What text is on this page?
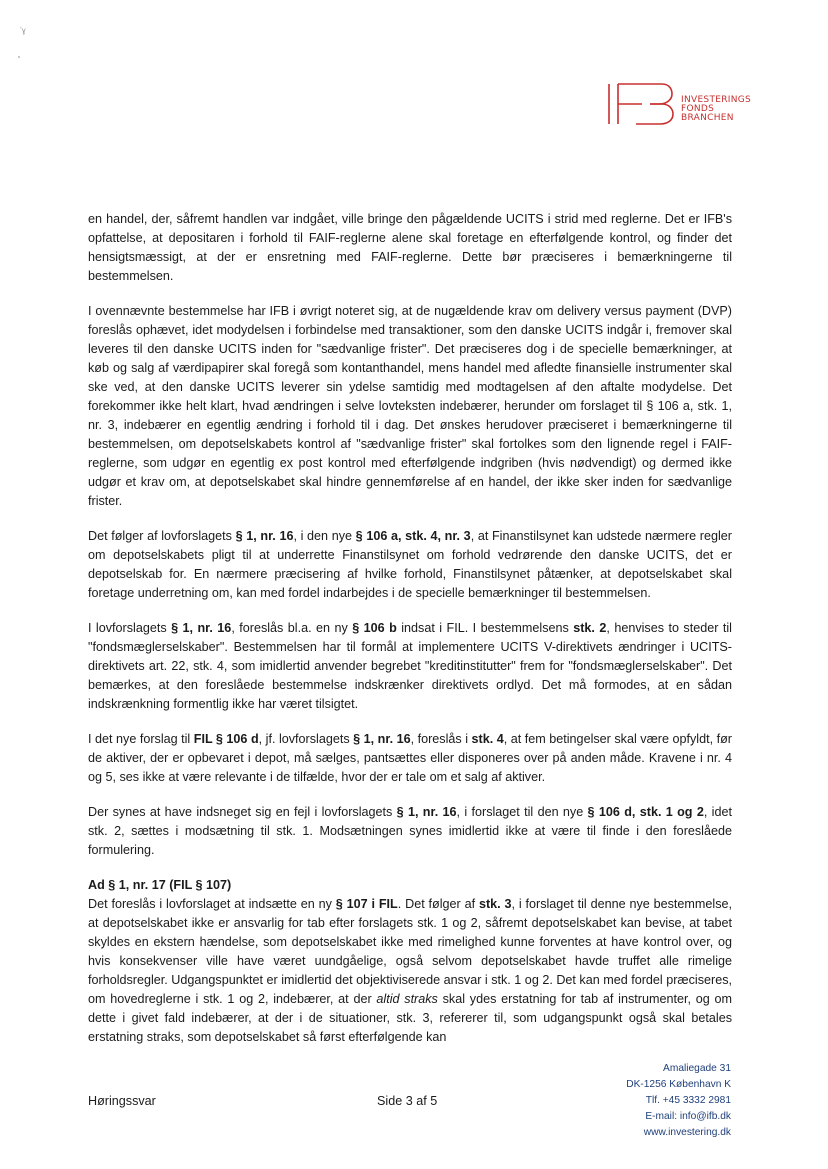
ʽɣ
INVESTERINGS
FONDS
BRANCHEN

en handel, der, såfremt handlen var indgået, ville bringe den pågældende UCITS i strid med reglerne. Det er IFB's opfattelse, at depositaren i forhold til FAIF-reglerne alene skal foretage en efterfølgende kontrol, og finder det hensigtsmæssigt, at der er ensretning med FAIF-reglerne. Dette bør præciseres i bemærkningerne til bestemmelsen.

I ovennævnte bestemmelse har IFB i øvrigt noteret sig, at de nugældende krav om delivery versus payment (DVP) foreslås ophævet, idet modydelsen i forbindelse med transaktioner, som den danske UCITS indgår i, fremover skal leveres til den danske UCITS inden for "sædvanlige frister". Det præciseres dog i de specielle bemærkninger, at køb og salg af værdipapirer skal foregå som kontanthandel, mens handel med afledte finansielle instrumenter skal ske ved, at den danske UCITS leverer sin ydelse samtidig med modtagelsen af den aftalte modydelse. Det forekommer ikke helt klart, hvad ændringen i selve lovteksten indebærer, herunder om forslaget til § 106 a, stk. 1, nr. 3, indebærer en egentlig ændring i forhold til i dag. Det ønskes herudover præciseret i bemærkningerne til bestemmelsen, om depotselskabets kontrol af "sædvanlige frister" skal fortolkes som den lignende regel i FAIF-reglerne, som udgør en egentlig ex post kontrol med efterfølgende indgriben (hvis nødvendigt) og dermed ikke udgør et krav om, at depotselskabet skal hindre gennemførelse af en handel, der ikke sker inden for sædvanlige frister.

Det følger af lovforslagets § 1, nr. 16, i den nye § 106 a, stk. 4, nr. 3, at Finanstilsynet kan udstede nærmere regler om depotselskabets pligt til at underrette Finanstilsynet om forhold vedrørende den danske UCITS, det er depotselskab for. En nærmere præcisering af hvilke forhold, Finanstilsynet påtænker, at depotselskabet skal foretage underretning om, kan med fordel indarbejdes i de specielle bemærkninger til bestemmelsen.

I lovforslagets § 1, nr. 16, foreslås bl.a. en ny § 106 b indsat i FIL. I bestemmelsens stk. 2, henvises to steder til "fondsmæglerselskaber". Bestemmelsen har til formål at implementere UCITS V-direktivets ændringer i UCITS-direktivets art. 22, stk. 4, som imidlertid anvender begrebet "kreditinstitutter" frem for "fondsmæglerselskaber". Det bemærkes, at den foreslåede bestemmelse indskrænker direktivets ordlyd. Det må formodes, at en sådan indskrænkning formentlig ikke har været tilsigtet.

I det nye forslag til FIL § 106 d, jf. lovforslagets § 1, nr. 16, foreslås i stk. 4, at fem betingelser skal være opfyldt, før de aktiver, der er opbevaret i depot, må sælges, pantsættes eller disponeres over på anden måde. Kravene i nr. 4 og 5, ses ikke at være relevante i de tilfælde, hvor der er tale om et salg af aktiver.

Der synes at have indsneget sig en fejl i lovforslagets § 1, nr. 16, i forslaget til den nye § 106 d, stk. 1 og 2, idet stk. 2, sættes i modsætning til stk. 1. Modsætningen synes imidlertid ikke at være til finde i den foreslåede formulering.

Ad § 1, nr. 17 (FIL § 107)

Det foreslås i lovforslaget at indsætte en ny § 107 i FIL. Det følger af stk. 3, i forslaget til denne nye bestemmelse, at depotselskabet ikke er ansvarlig for tab efter forslagets stk. 1 og 2, såfremt depotselskabet kan bevise, at tabet skyldes en ekstern hændelse, som depotselskabet ikke med rimelighed kunne forventes at have kontrol over, og hvis konsekvenser ville have været uundgåelige, også selvom depotselskabet havde truffet alle rimelige forholdsregler. Udgangspunktet er imidlertid det objektiviserede ansvar i stk. 1 og 2. Det kan med fordel præciseres, om hovedreglerne i stk. 1 og 2, indebærer, at der altid straks skal ydes erstatning for tab af instrumenter, og om dette i givet fald indebærer, at der i de situationer, stk. 3, refererer til, som udgangspunkt også skal betales erstatning straks, som depotselskabet så først efterfølgende kan

Høringssvar	Side 3 af 5
Amaliegade 31
DK-1256 København K
Tlf. +45 3332 2981
E-mail: info@ifb.dk
www.investering.dk
